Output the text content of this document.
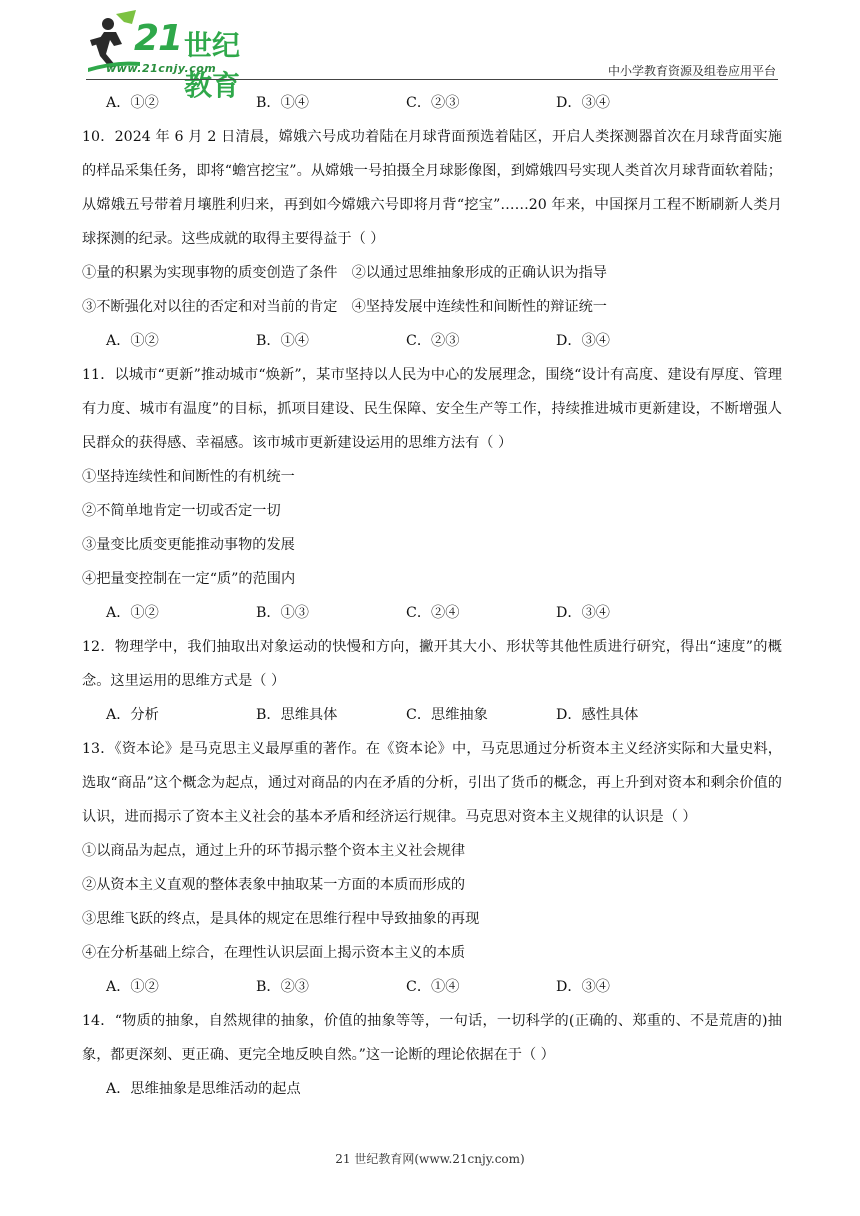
21 世纪教育
www.21cnjy.com	中小学教育资源及组卷应用平台
A．①②	B．①④	C．②③	D．③④
10．2024 年 6 月 2 日清晨，嫦娥六号成功着陆在月球背面预选着陆区，开启人类探测器首次在月球背面实施的样品采集任务，即将“蟾宫挖宝”。从嫦娥一号拍摄全月球影像图，到嫦娥四号实现人类首次月球背面软着陆；从嫦娥五号带着月壤胜利归来，再到如今嫦娥六号即将月背“挖宝”……20 年来，中国探月工程不断刷新人类月球探测的纪录。这些成就的取得主要得益于（ ）
①量的积累为实现事物的质变创造了条件　②以通过思维抽象形成的正确认识为指导
③不断强化对以往的否定和对当前的肯定　④坚持发展中连续性和间断性的辩证统一
A．①②	B．①④	C．②③	D．③④
11．以城市“更新”推动城市“焕新”，某市坚持以人民为中心的发展理念，围绕“设计有高度、建设有厚度、管理有力度、城市有温度”的目标，抓项目建设、民生保障、安全生产等工作，持续推进城市更新建设，不断增强人民群众的获得感、幸福感。该市城市更新建设运用的思维方法有（ ）
①坚持连续性和间断性的有机统一
②不简单地肯定一切或否定一切
③量变比质变更能推动事物的发展
④把量变控制在一定“质”的范围内
A．①②	B．①③	C．②④	D．③④
12．物理学中，我们抽取出对象运动的快慢和方向，撇开其大小、形状等其他性质进行研究，得出“速度”的概念。这里运用的思维方式是（ ）
A．分析	B．思维具体	C．思维抽象	D．感性具体
13．《资本论》是马克思主义最厚重的著作。在《资本论》中，马克思通过分析资本主义经济实际和大量史料，选取“商品”这个概念为起点，通过对商品的内在矛盾的分析，引出了货币的概念，再上升到对资本和剩余价值的认识，进而揭示了资本主义社会的基本矛盾和经济运行规律。马克思对资本主义规律的认识是（ ）
①以商品为起点，通过上升的环节揭示整个资本主义社会规律
②从资本主义直观的整体表象中抽取某一方面的本质而形成的
③思维飞跃的终点，是具体的规定在思维行程中导致抽象的再现
④在分析基础上综合，在理性认识层面上揭示资本主义的本质
A．①②	B．②③	C．①④	D．③④
14．“物质的抽象，自然规律的抽象，价值的抽象等等，一句话，一切科学的(正确的、郑重的、不是荒唐的)抽象，都更深刻、更正确、更完全地反映自然。”这一论断的理论依据在于（ ）
A．思维抽象是思维活动的起点
21 世纪教育网(www.21cnjy.com)
